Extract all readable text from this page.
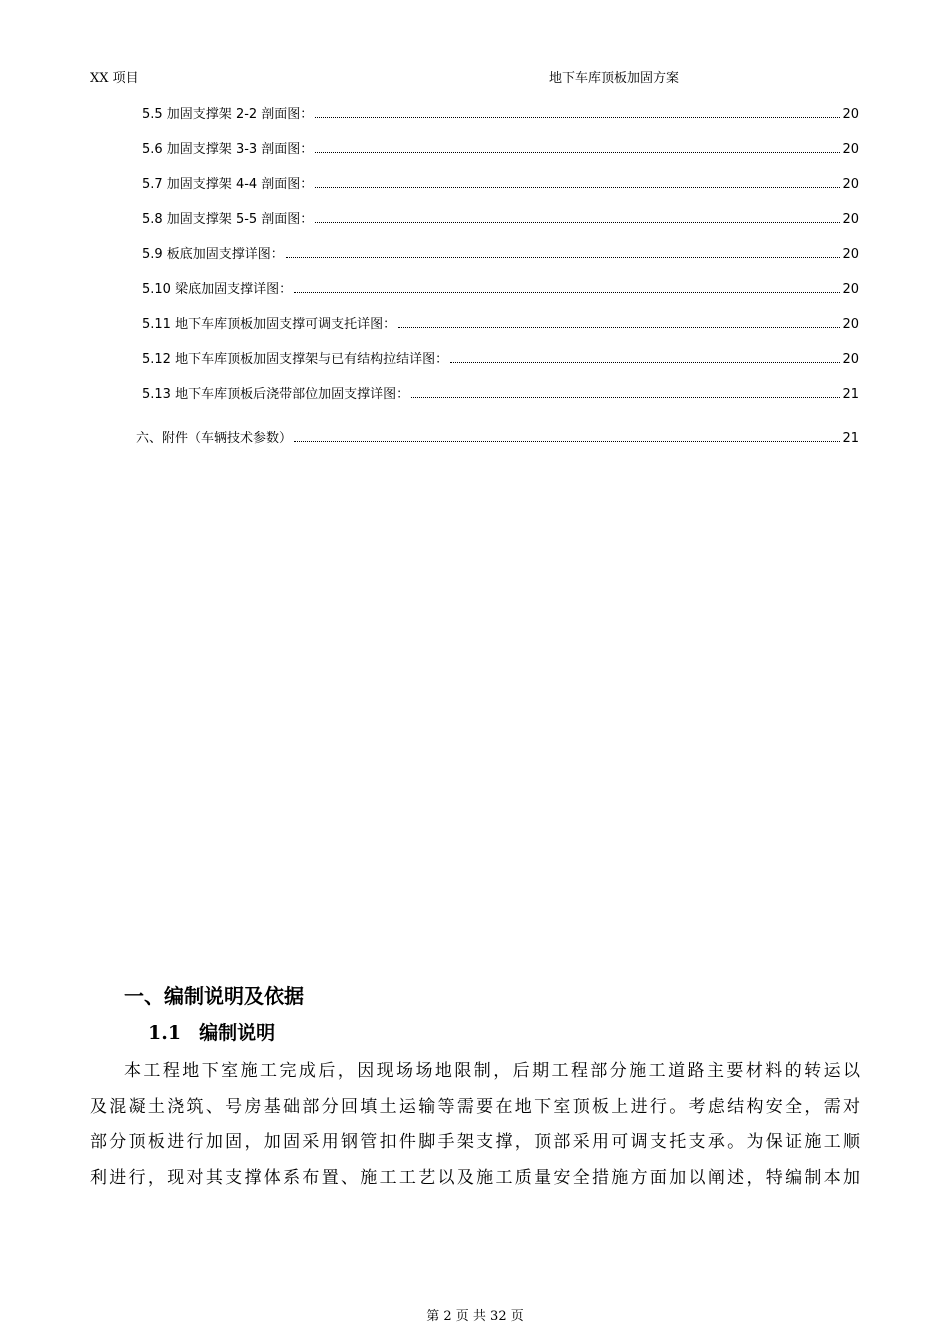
XX 项目	地下车库顶板加固方案
5.5 加固支撑架 2-2 剖面图：	20
5.6 加固支撑架 3-3 剖面图：	20
5.7 加固支撑架 4-4 剖面图：	20
5.8 加固支撑架 5-5 剖面图：	20
5.9 板底加固支撑详图：	20
5.10 梁底加固支撑详图：	20
5.11 地下车库顶板加固支撑可调支托详图：	20
5.12 地下车库顶板加固支撑架与已有结构拉结详图：	20
5.13 地下车库顶板后浇带部位加固支撑详图：	21
六、附件（车辆技术参数）	21
一、编制说明及依据
1.1 编制说明
本工程地下室施工完成后，因现场场地限制，后期工程部分施工道路主要材料的转运以
及混凝土浇筑、号房基础部分回填土运输等需要在地下室顶板上进行。考虑结构安全，需对
部分顶板进行加固，加固采用钢管扣件脚手架支撑，顶部采用可调支托支承。为保证施工顺
利进行，现对其支撑体系布置、施工工艺以及施工质量安全措施方面加以阐述，特编制本加
第 2 页 共 32 页
